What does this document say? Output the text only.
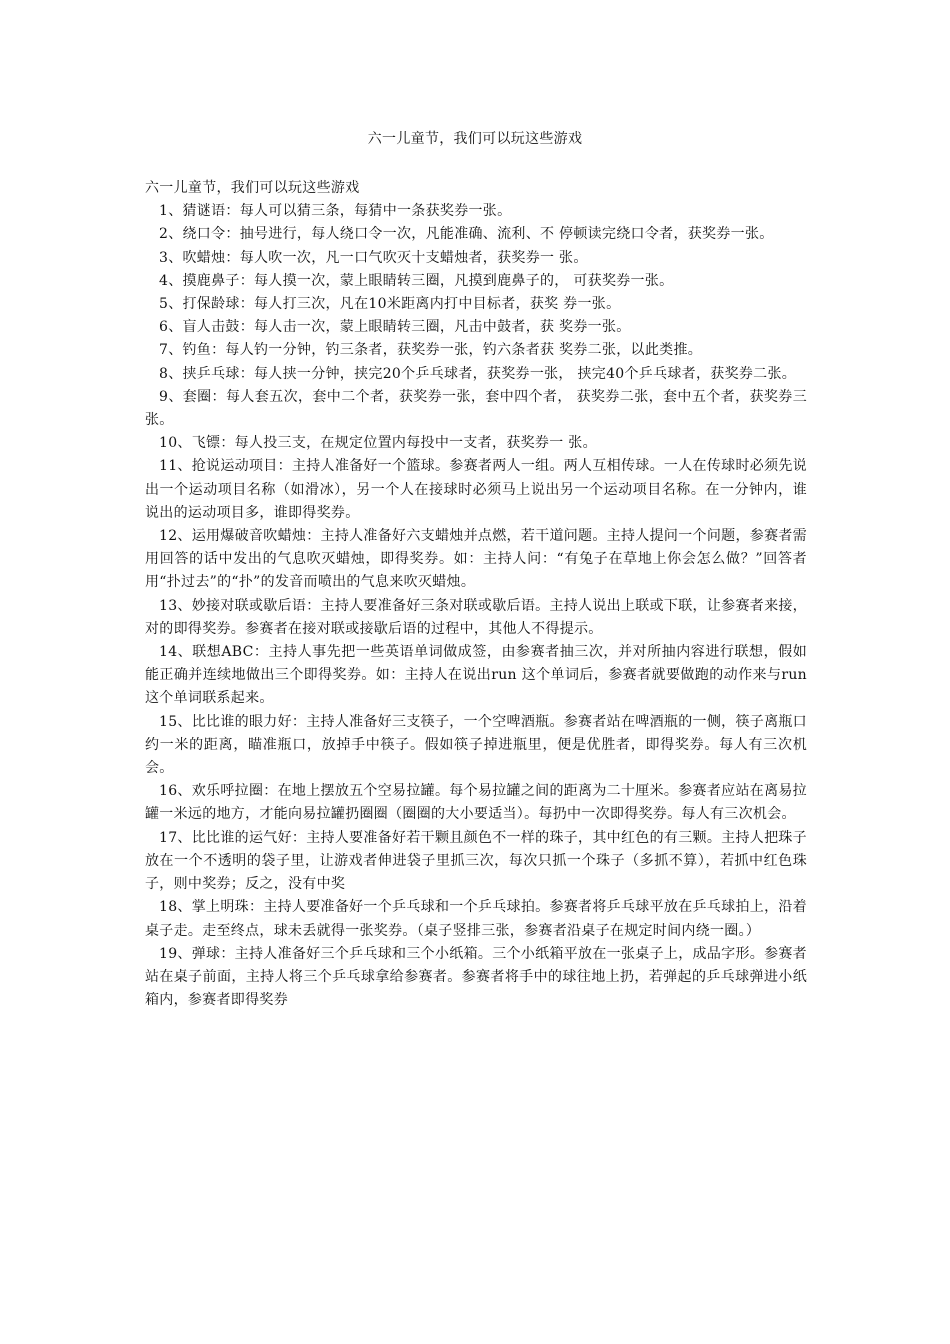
六一儿童节，我们可以玩这些游戏

六一儿童节，我们可以玩这些游戏

1、猜谜语：每人可以猜三条，每猜中一条获奖券一张。

2、绕口令：抽号进行，每人绕口令一次，凡能准确、流利、不 停顿读完绕口令者，获奖券一张。

3、吹蜡烛：每人吹一次，凡一口气吹灭十支蜡烛者，获奖券一 张。

4、摸鹿鼻子：每人摸一次，蒙上眼睛转三圈，凡摸到鹿鼻子的， 可获奖券一张。

5、打保龄球：每人打三次，凡在10米距离内打中目标者，获奖 券一张。

6、盲人击鼓：每人击一次，蒙上眼睛转三圈，凡击中鼓者，获 奖券一张。

7、钓鱼：每人钓一分钟，钓三条者，获奖券一张，钓六条者获 奖券二张，以此类推。

8、挟乒乓球：每人挟一分钟，挟完20个乒乓球者，获奖券一张， 挟完40个乒乓球者，获奖券二张。

9、套圈：每人套五次，套中二个者，获奖券一张，套中四个者， 获奖券二张，套中五个者，获奖券三张。

10、飞镖：每人投三支，在规定位置内每投中一支者，获奖券一 张。

11、抢说运动项目：主持人准备好一个篮球。参赛者两人一组。两人互相传球。一人在传球时必须先说出一个运动项目名称（如滑冰），另一个人在接球时必须马上说出另一个运动项目名称。在一分钟内，谁说出的运动项目多，谁即得奖券。

12、运用爆破音吹蜡烛：主持人准备好六支蜡烛并点燃，若干道问题。主持人提问一个问题，参赛者需用回答的话中发出的气息吹灭蜡烛，即得奖券。如：主持人问：“有兔子在草地上你会怎么做？”回答者用“扑过去”的“扑”的发音而喷出的气息来吹灭蜡烛。

13、妙接对联或歇后语：主持人要准备好三条对联或歇后语。主持人说出上联或下联，让参赛者来接，对的即得奖券。参赛者在接对联或接歇后语的过程中，其他人不得提示。

14、联想ABC：主持人事先把一些英语单词做成签，由参赛者抽三次，并对所抽内容进行联想，假如能正确并连续地做出三个即得奖券。如：主持人在说出run 这个单词后，参赛者就要做跑的动作来与run这个单词联系起来。

15、比比谁的眼力好：主持人准备好三支筷子，一个空啤酒瓶。参赛者站在啤酒瓶的一侧，筷子离瓶口约一米的距离，瞄准瓶口，放掉手中筷子。假如筷子掉进瓶里，便是优胜者，即得奖券。每人有三次机会。

16、欢乐呼拉圈：在地上摆放五个空易拉罐。每个易拉罐之间的距离为二十厘米。参赛者应站在离易拉罐一米远的地方，才能向易拉罐扔圈圈（圈圈的大小要适当）。每扔中一次即得奖券。每人有三次机会。

17、比比谁的运气好：主持人要准备好若干颗且颜色不一样的珠子，其中红色的有三颗。主持人把珠子放在一个不透明的袋子里，让游戏者伸进袋子里抓三次，每次只抓一个珠子（多抓不算），若抓中红色珠子，则中奖券；反之，没有中奖

18、掌上明珠：主持人要准备好一个乒乓球和一个乒乓球拍。参赛者将乒乓球平放在乒乓球拍上，沿着桌子走。走至终点，球未丢就得一张奖券。（桌子竖排三张，参赛者沿桌子在规定时间内绕一圈。）

19、弹球：主持人准备好三个乒乓球和三个小纸箱。三个小纸箱平放在一张桌子上，成品字形。参赛者站在桌子前面，主持人将三个乒乓球拿给参赛者。参赛者将手中的球往地上扔，若弹起的乒乓球弹进小纸箱内，参赛者即得奖券
